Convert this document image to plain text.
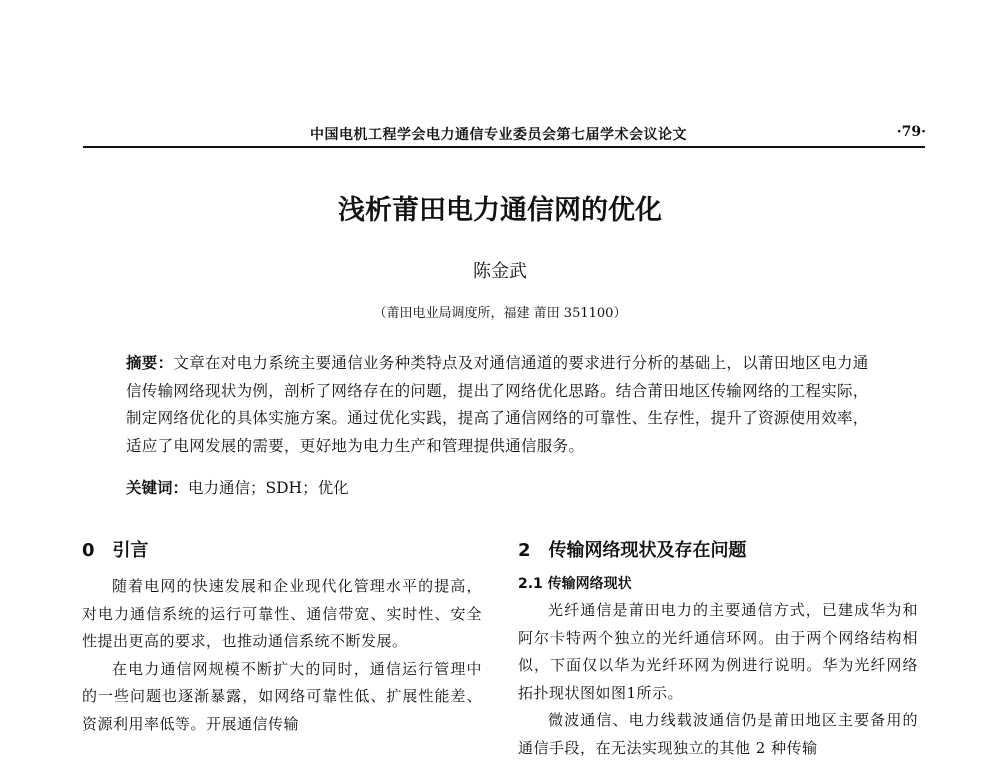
中国电机工程学会电力通信专业委员会第七届学术会议论文	·79·
浅析莆田电力通信网的优化
陈金武
（莆田电业局调度所，福建 莆田 351100）
摘要：文章在对电力系统主要通信业务种类特点及对通信通道的要求进行分析的基础上，以莆田地区电力通信传输网络现状为例，剖析了网络存在的问题，提出了网络优化思路。结合莆田地区传输网络的工程实际，制定网络优化的具体实施方案。通过优化实践，提高了通信网络的可靠性、生存性，提升了资源使用效率，适应了电网发展的需要，更好地为电力生产和管理提供通信服务。
关键词：电力通信；SDH；优化
0　引言

随着电网的快速发展和企业现代化管理水平的提高，对电力通信系统的运行可靠性、通信带宽、实时性、安全性提出更高的要求，也推动通信系统不断发展。

在电力通信网规模不断扩大的同时，通信运行管理中的一些问题也逐渐暴露，如网络可靠性低、扩展性能差、资源利用率低等。开展通信传输

2　传输网络现状及存在问题
2.1 传输网络现状

光纤通信是莆田电力的主要通信方式，已建成华为和阿尔卡特两个独立的光纤通信环网。由于两个网络结构相似，下面仅以华为光纤环网为例进行说明。华为光纤网络拓扑现状图如图1所示。

微波通信、电力线载波通信仍是莆田地区主要备用的通信手段，在无法实现独立的其他 2 种传输
